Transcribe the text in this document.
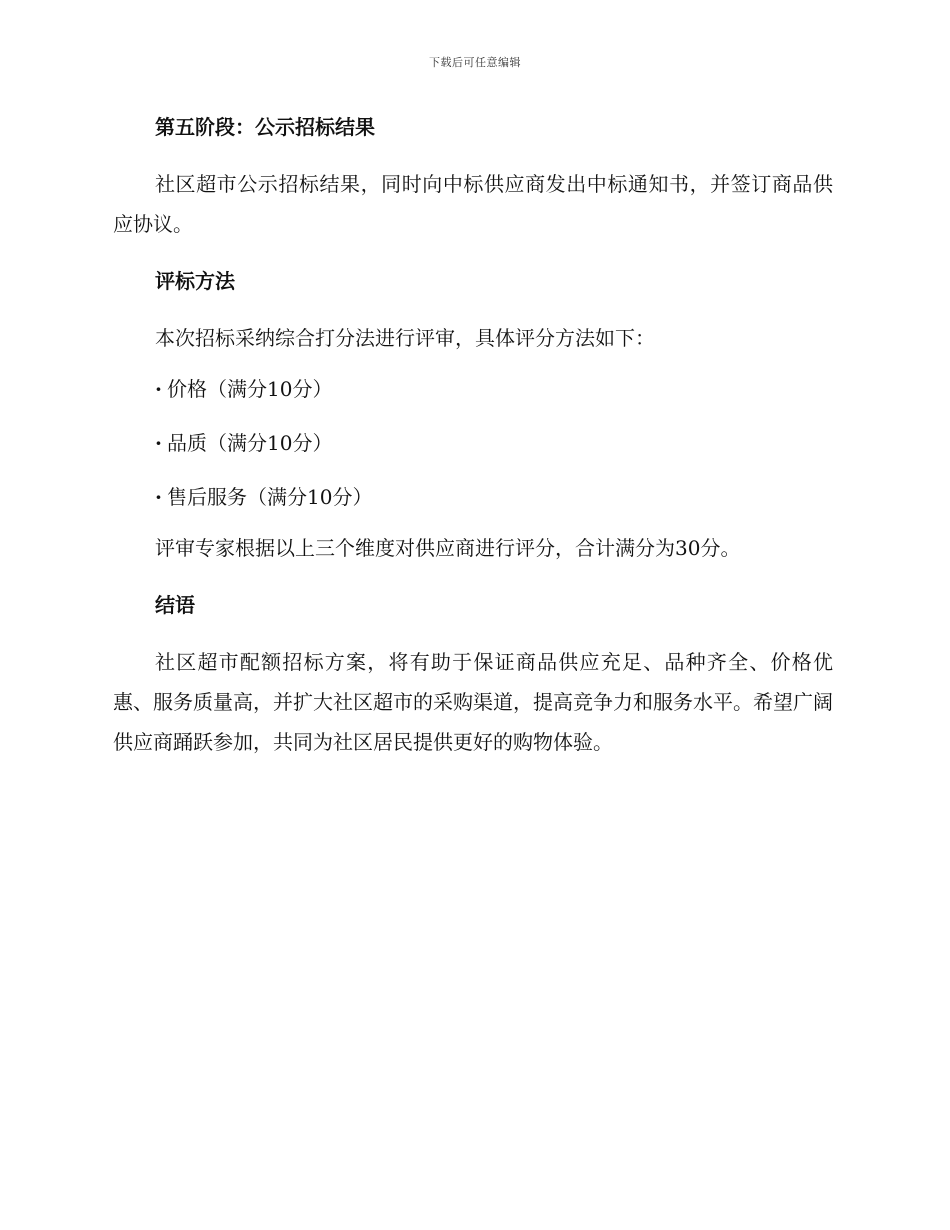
下载后可任意编辑
第五阶段：公示招标结果

社区超市公示招标结果，同时向中标供应商发出中标通知书，并签订商品供应协议。

评标方法

本次招标采纳综合打分法进行评审，具体评分方法如下：

· 价格（满分10分）

· 品质（满分10分）

· 售后服务（满分10分）

评审专家根据以上三个维度对供应商进行评分，合计满分为30分。

结语

社区超市配额招标方案，将有助于保证商品供应充足、品种齐全、价格优惠、服务质量高，并扩大社区超市的采购渠道，提高竞争力和服务水平。希望广阔供应商踊跃参加，共同为社区居民提供更好的购物体验。
